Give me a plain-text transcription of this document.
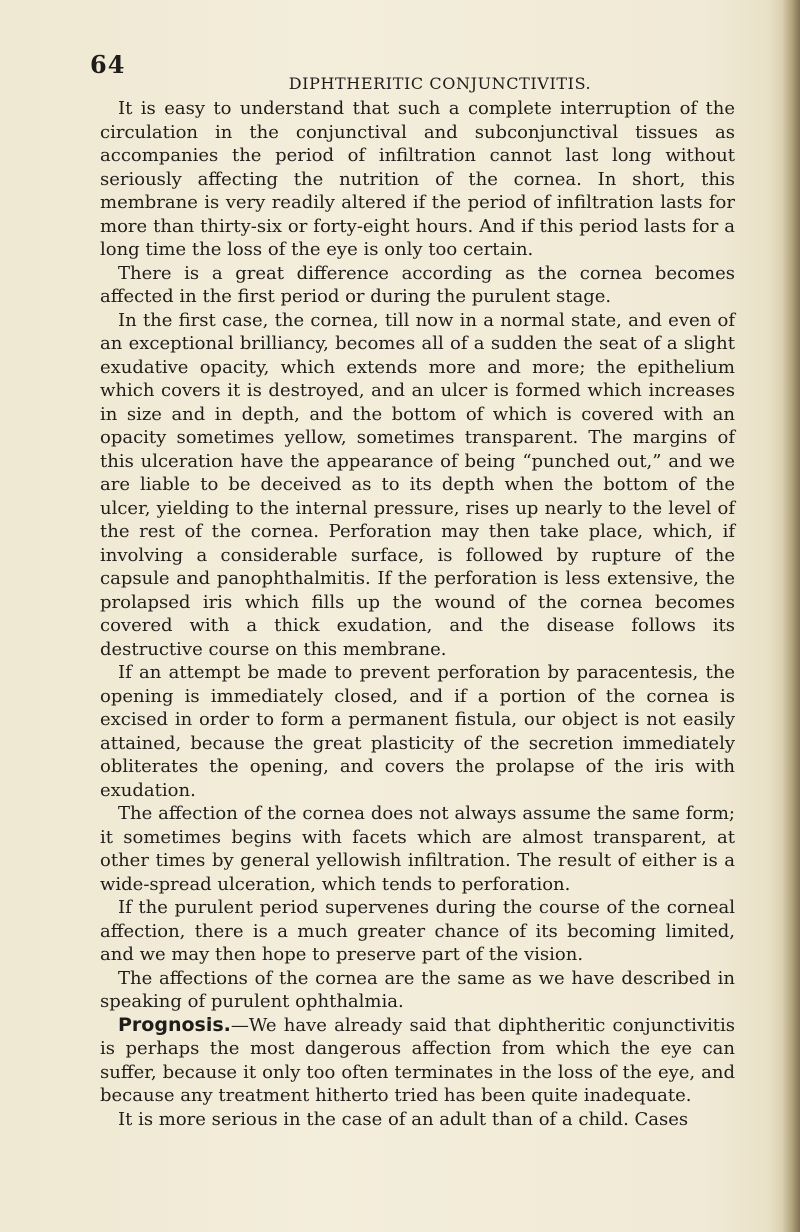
64
DIPHTHERITIC CONJUNCTIVITIS.

It is easy to understand that such a complete interruption of the circulation in the conjunctival and subconjunctival tissues as accompanies the period of infiltration cannot last long without seriously affecting the nutrition of the cornea. In short, this membrane is very readily altered if the period of infiltration lasts for more than thirty-six or forty-eight hours. And if this period lasts for a long time the loss of the eye is only too certain.

There is a great difference according as the cornea becomes affected in the first period or during the purulent stage.

In the first case, the cornea, till now in a normal state, and even of an exceptional brilliancy, becomes all of a sudden the seat of a slight exudative opacity, which extends more and more; the epithelium which covers it is destroyed, and an ulcer is formed which increases in size and in depth, and the bottom of which is covered with an opacity sometimes yellow, sometimes transparent. The margins of this ulceration have the appearance of being “punched out,” and we are liable to be deceived as to its depth when the bottom of the ulcer, yielding to the internal pressure, rises up nearly to the level of the rest of the cornea. Perforation may then take place, which, if involving a considerable surface, is followed by rupture of the capsule and panophthalmitis. If the perforation is less extensive, the prolapsed iris which fills up the wound of the cornea becomes covered with a thick exudation, and the disease follows its destructive course on this membrane.

If an attempt be made to prevent perforation by paracentesis, the opening is immediately closed, and if a portion of the cornea is excised in order to form a permanent fistula, our object is not easily attained, because the great plasticity of the secretion immediately obliterates the opening, and covers the prolapse of the iris with exudation.

The affection of the cornea does not always assume the same form; it sometimes begins with facets which are almost transparent, at other times by general yellowish infiltration. The result of either is a wide-spread ulceration, which tends to perforation.

If the purulent period supervenes during the course of the corneal affection, there is a much greater chance of its becoming limited, and we may then hope to preserve part of the vision.

The affections of the cornea are the same as we have described in speaking of purulent ophthalmia.

Prognosis.—We have already said that diphtheritic conjunctivitis is perhaps the most dangerous affection from which the eye can suffer, because it only too often terminates in the loss of the eye, and because any treatment hitherto tried has been quite inadequate.

It is more serious in the case of an adult than of a child. Cases
